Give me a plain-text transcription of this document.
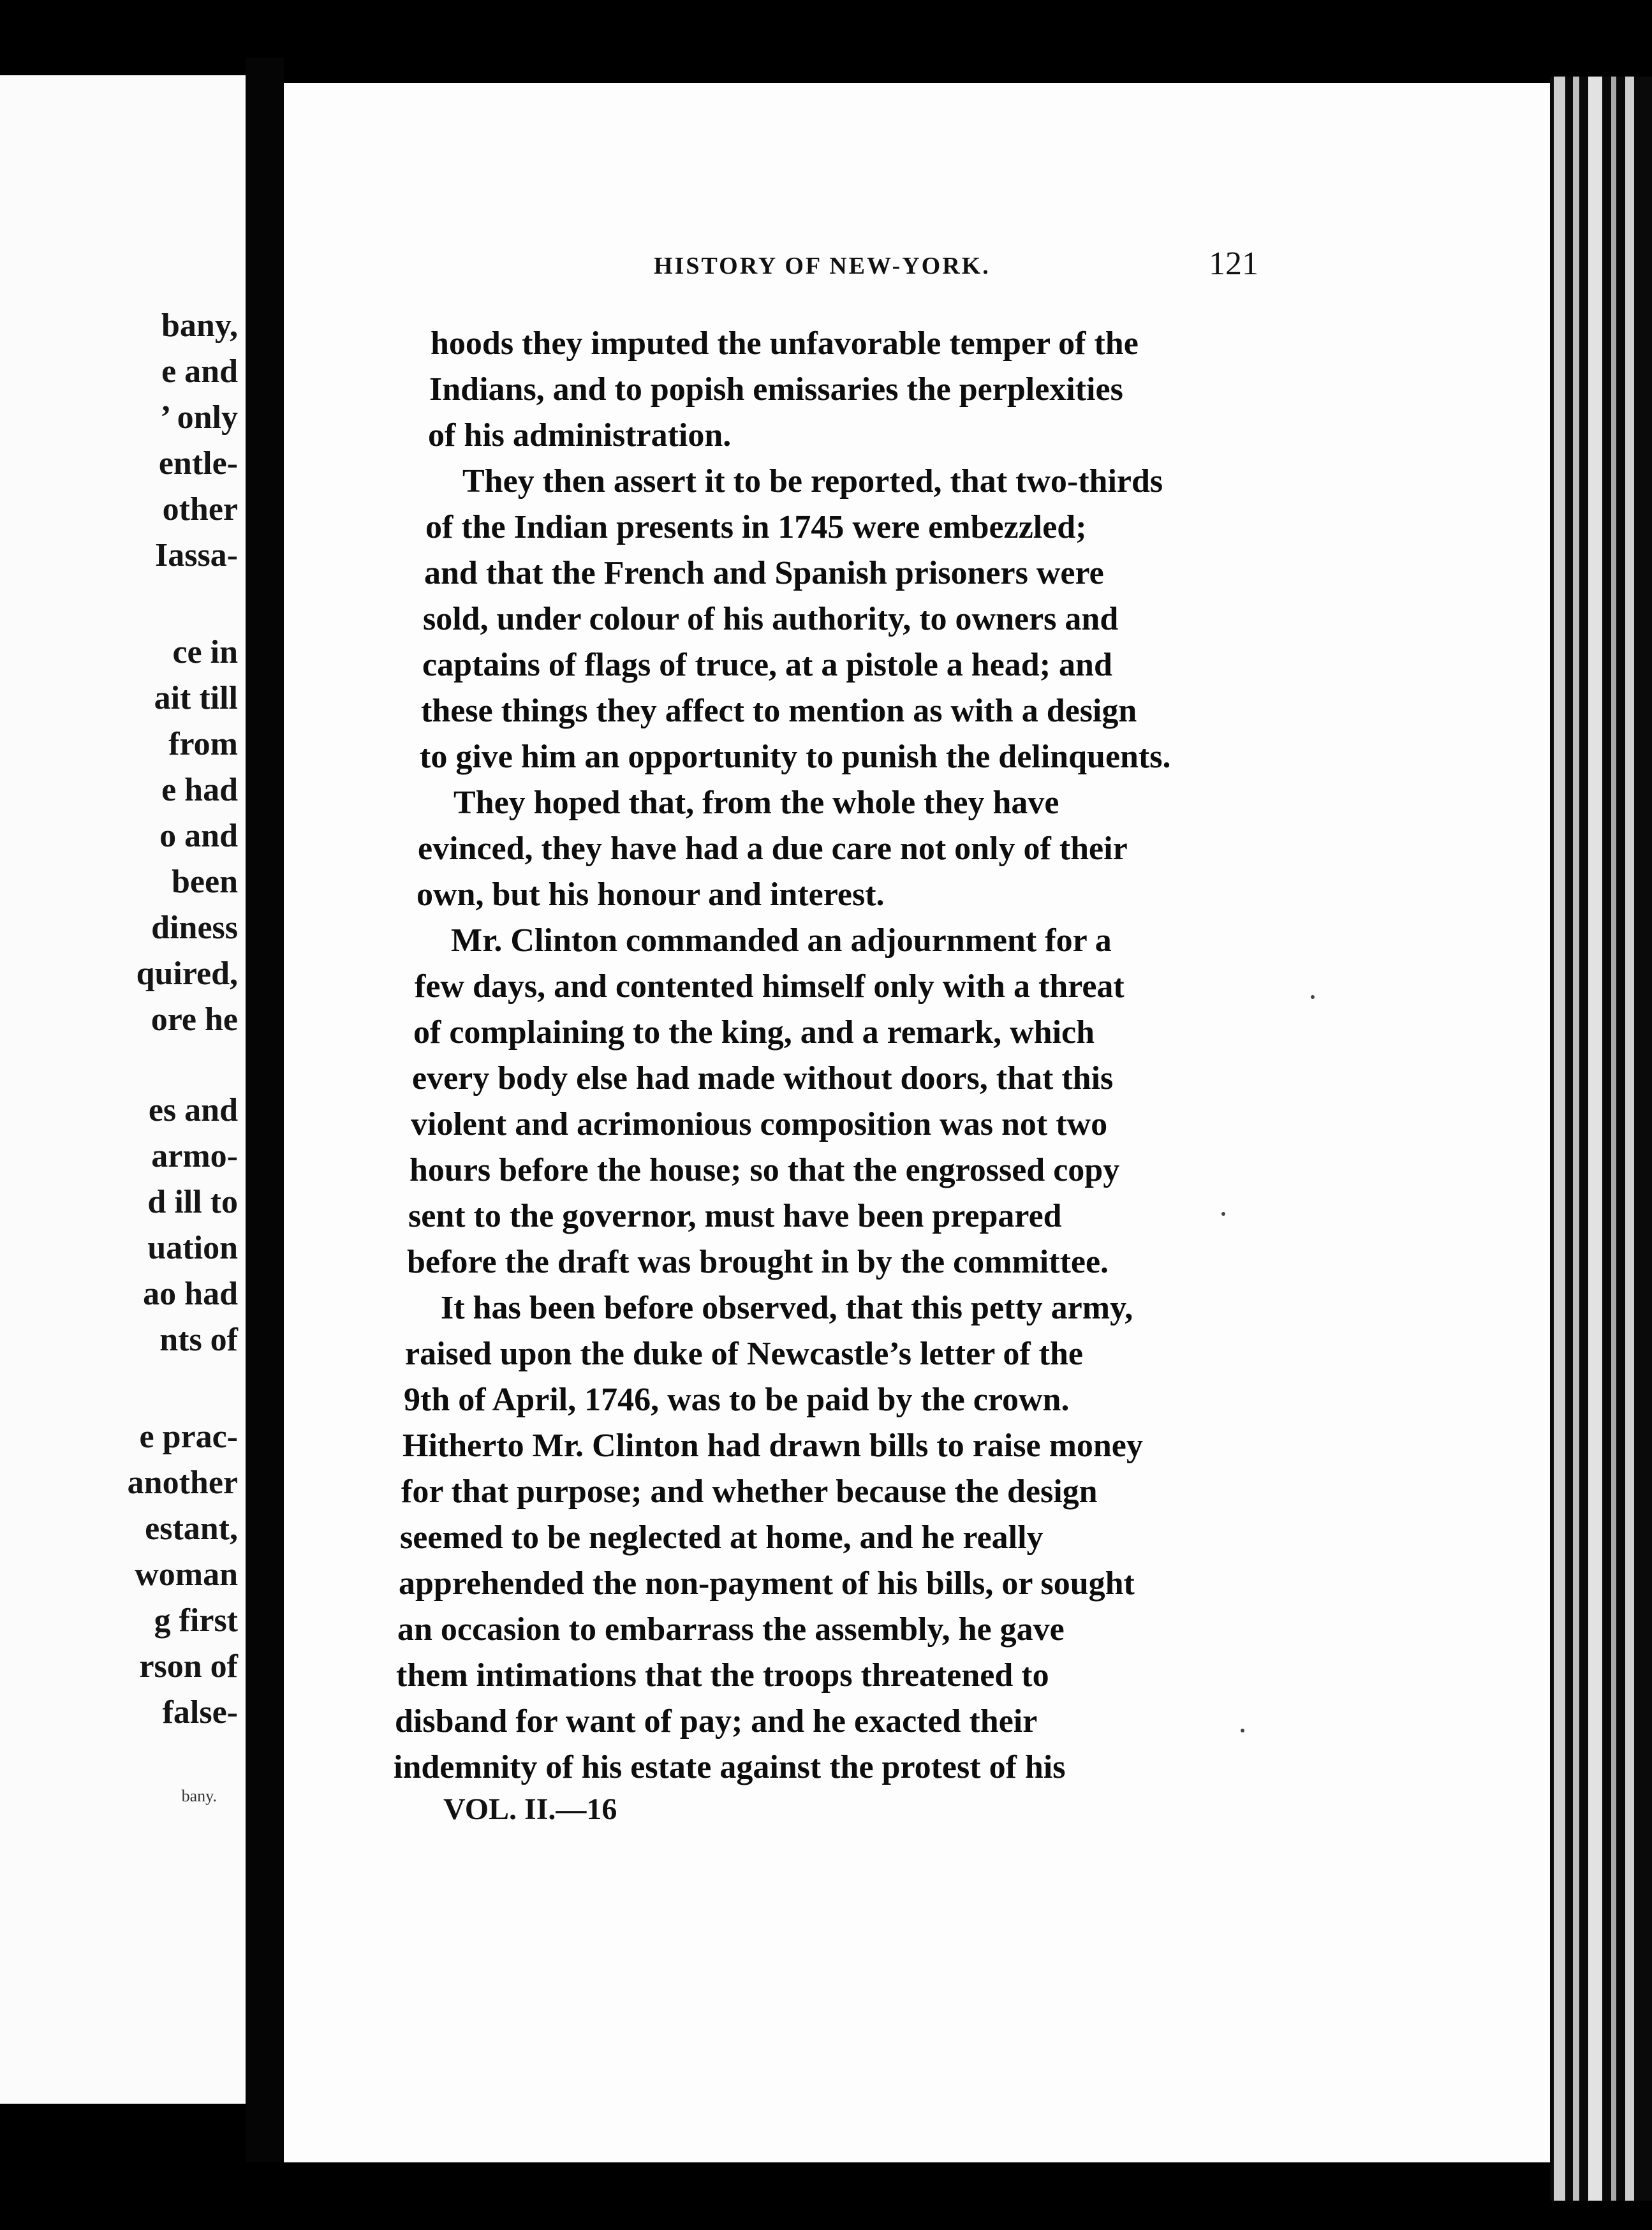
bany,
e and
’ only
entle-
other
Iassa-
ce in
ait till
from
e had
o and
been
diness
quired,
ore he
es and
armo-
d ill to
uation
ao had
nts of
e prac-
another
estant,
woman
g first
rson of
false-
bany.
HISTORY OF NEW-YORK.	121
hoods they imputed the unfavorable temper of the
Indians, and to popish emissaries the perplexities
of his administration.
They then assert it to be reported, that two-thirds
of the Indian presents in 1745 were embezzled;
and that the French and Spanish prisoners were
sold, under colour of his authority, to owners and
captains of flags of truce, at a pistole a head; and
these things they affect to mention as with a design
to give him an opportunity to punish the delinquents.
They hoped that, from the whole they have
evinced, they have had a due care not only of their
own, but his honour and interest.
Mr. Clinton commanded an adjournment for a
few days, and contented himself only with a threat
of complaining to the king, and a remark, which
every body else had made without doors, that this
violent and acrimonious composition was not two
hours before the house; so that the engrossed copy
sent to the governor, must have been prepared
before the draft was brought in by the committee.
It has been before observed, that this petty army,
raised upon the duke of Newcastle’s letter of the
9th of April, 1746, was to be paid by the crown.
Hitherto Mr. Clinton had drawn bills to raise money
for that purpose; and whether because the design
seemed to be neglected at home, and he really
apprehended the non-payment of his bills, or sought
an occasion to embarrass the assembly, he gave
them intimations that the troops threatened to
disband for want of pay; and he exacted their
indemnity of his estate against the protest of his
VOL. II.—16
